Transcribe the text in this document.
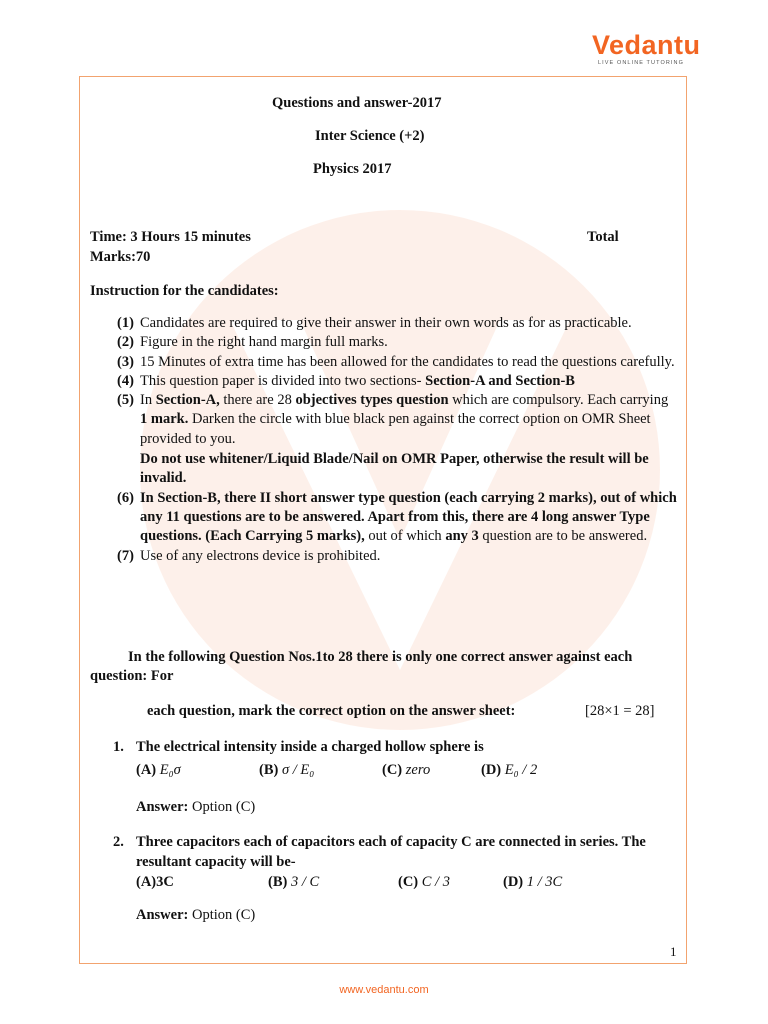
Vedantu
LIVE ONLINE TUTORING
Questions and answer-2017
Inter Science (+2)
Physics 2017
Time: 3 Hours 15 minutes	Total
Marks:70
Instruction for the candidates:
(1) Candidates are required to give their answer in their own words as for as practicable.
(2) Figure in the right hand margin full marks.
(3) 15 Minutes of extra time has been allowed for the candidates to read the questions carefully.
(4) This question paper is divided into two sections- Section-A and Section-B
(5) In Section-A, there are 28 objectives types question which are compulsory. Each carrying 1 mark. Darken the circle with blue black pen against the correct option on OMR Sheet provided to you.
Do not use whitener/Liquid Blade/Nail on OMR Paper, otherwise the result will be invalid.
(6) In Section-B, there II short answer type question (each carrying 2 marks), out of which any 11 questions are to be answered. Apart from this, there are 4 long answer Type questions. (Each Carrying 5 marks), out of which any 3 question are to be answered.
(7) Use of any electrons device is prohibited.
In the following Question Nos.1to 28 there is only one correct answer against each
question: For
each question, mark the correct option on the answer sheet:	[28×1 = 28]
1. The electrical intensity inside a charged hollow sphere is
(A) E₀σ	(B) σ / E₀	(C) zero	(D) E₀ / 2
Answer: Option (C)
2. Three capacitors each of capacitors each of capacity C are connected in series. The
resultant capacity will be-
(A)3C	(B) 3 / C	(C) C / 3	(D) 1 / 3C
Answer: Option (C)
1
www.vedantu.com
